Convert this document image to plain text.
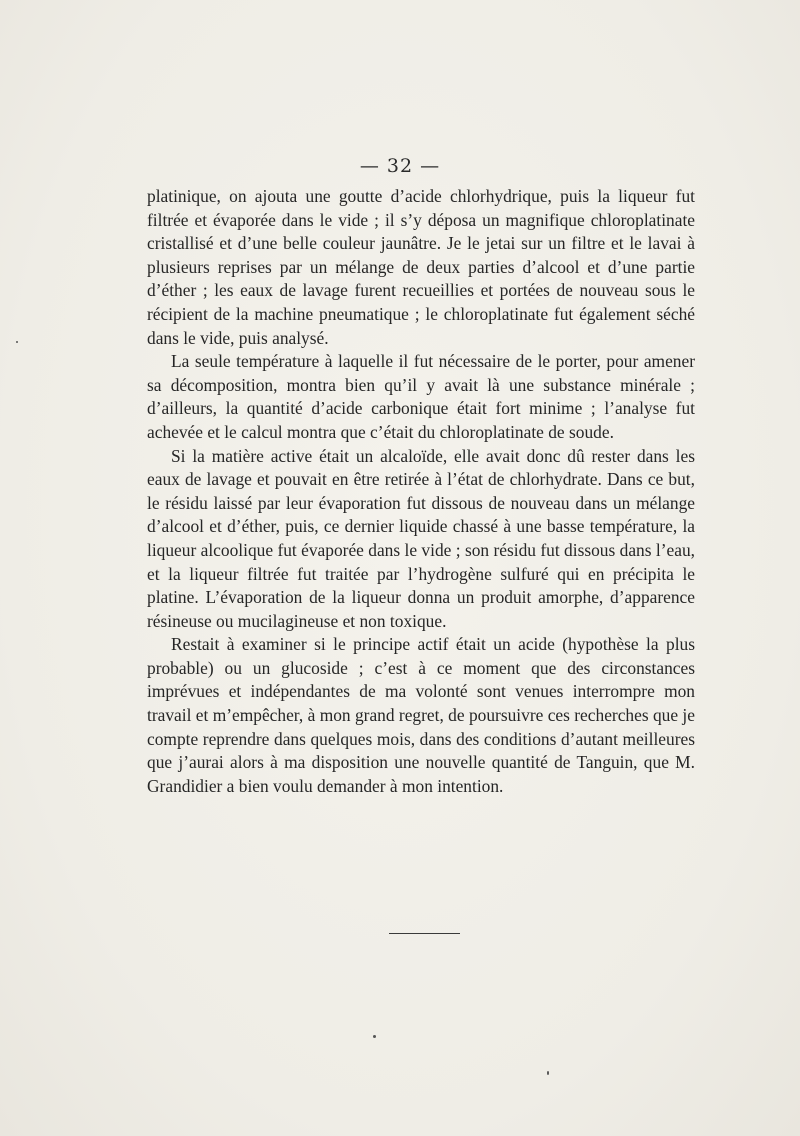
— 32 —

platinique, on ajouta une goutte d’acide chlorhydrique, puis la liqueur fut filtrée et évaporée dans le vide ; il s’y déposa un magnifique chloroplatinate cristallisé et d’une belle couleur jaunâtre. Je le jetai sur un filtre et le lavai à plusieurs reprises par un mélange de deux parties d’alcool et d’une partie d’éther ; les eaux de lavage furent recueillies et portées de nouveau sous le récipient de la machine pneumatique ; le chloroplatinate fut également séché dans le vide, puis analysé.

La seule température à laquelle il fut nécessaire de le porter, pour amener sa décomposition, montra bien qu’il y avait là une substance minérale ; d’ailleurs, la quantité d’acide carbonique était fort minime ; l’analyse fut achevée et le calcul montra que c’était du chloroplatinate de soude.

Si la matière active était un alcaloïde, elle avait donc dû rester dans les eaux de lavage et pouvait en être retirée à l’état de chlorhydrate. Dans ce but, le résidu laissé par leur évaporation fut dissous de nouveau dans un mélange d’alcool et d’éther, puis, ce dernier liquide chassé à une basse température, la liqueur alcoolique fut évaporée dans le vide ; son résidu fut dissous dans l’eau, et la liqueur filtrée fut traitée par l’hydrogène sulfuré qui en précipita le platine. L’évaporation de la liqueur donna un produit amorphe, d’apparence résineuse ou mucilagineuse et non toxique.

Restait à examiner si le principe actif était un acide (hypothèse la plus probable) ou un glucoside ; c’est à ce moment que des circonstances imprévues et indépendantes de ma volonté sont venues interrompre mon travail et m’empêcher, à mon grand regret, de poursuivre ces recherches que je compte reprendre dans quelques mois, dans des conditions d’autant meilleures que j’aurai alors à ma disposition une nouvelle quantité de Tanguin, que M. Grandidier a bien voulu demander à mon intention.
